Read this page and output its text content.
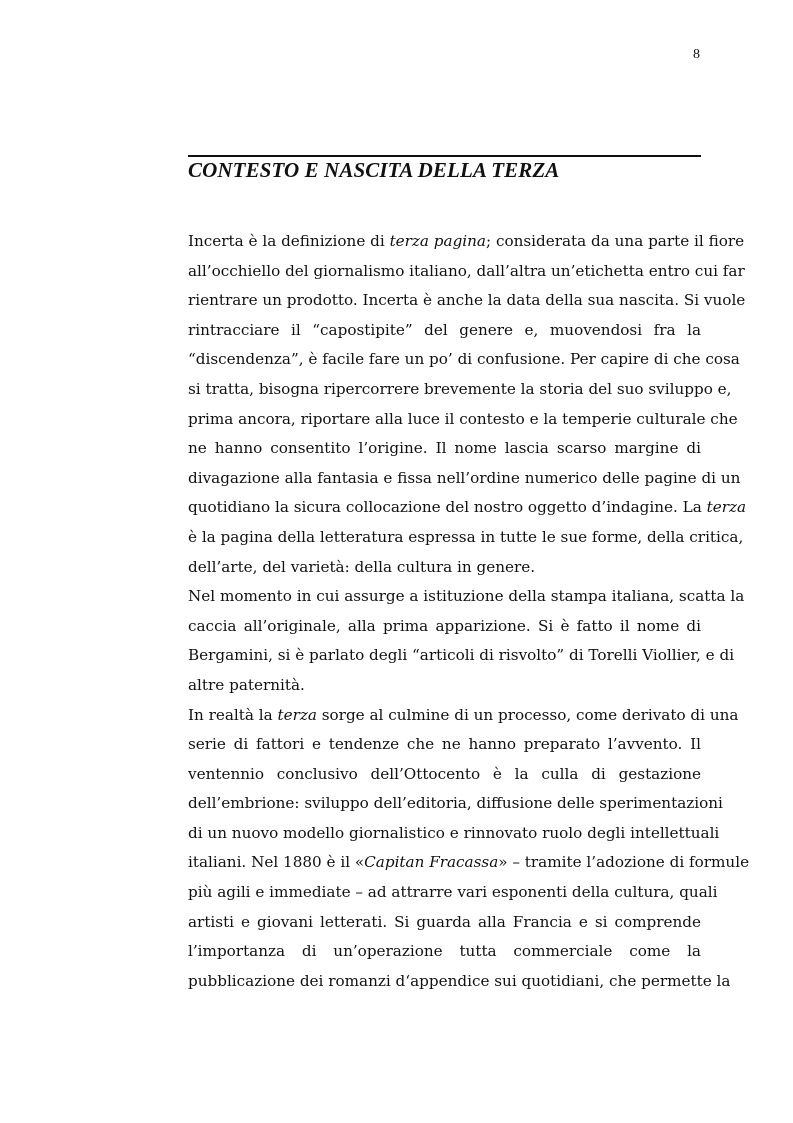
8
CONTESTO E NASCITA DELLA TERZA
Incerta è la definizione di terza pagina; considerata da una parte il fiore
all’occhiello del giornalismo italiano, dall’altra un’etichetta entro cui far
rientrare un prodotto. Incerta è anche la data della sua nascita. Si vuole
rintracciare il “capostipite” del genere e, muovendosi fra la
“discendenza”, è facile fare un po’ di confusione. Per capire di che cosa
si tratta, bisogna ripercorrere brevemente la storia del suo sviluppo e,
prima ancora, riportare alla luce il contesto e la temperie culturale che
ne hanno consentito l’origine. Il nome lascia scarso margine di
divagazione alla fantasia e fissa nell’ordine numerico delle pagine di un
quotidiano la sicura collocazione del nostro oggetto d’indagine. La terza
è la pagina della letteratura espressa in tutte le sue forme, della critica,
dell’arte, del varietà: della cultura in genere.
Nel momento in cui assurge a istituzione della stampa italiana, scatta la
caccia all’originale, alla prima apparizione. Si è fatto il nome di
Bergamini, si è parlato degli “articoli di risvolto” di Torelli Viollier, e di
altre paternità.
In realtà la terza sorge al culmine di un processo, come derivato di una
serie di fattori e tendenze che ne hanno preparato l’avvento. Il
ventennio conclusivo dell’Ottocento è la culla di gestazione
dell’embrione: sviluppo dell’editoria, diffusione delle sperimentazioni
di un nuovo modello giornalistico e rinnovato ruolo degli intellettuali
italiani. Nel 1880 è il «Capitan Fracassa» – tramite l’adozione di formule
più agili e immediate – ad attrarre vari esponenti della cultura, quali
artisti e giovani letterati. Si guarda alla Francia e si comprende
l’importanza di un’operazione tutta commerciale come la
pubblicazione dei romanzi d‘appendice sui quotidiani, che permette la
